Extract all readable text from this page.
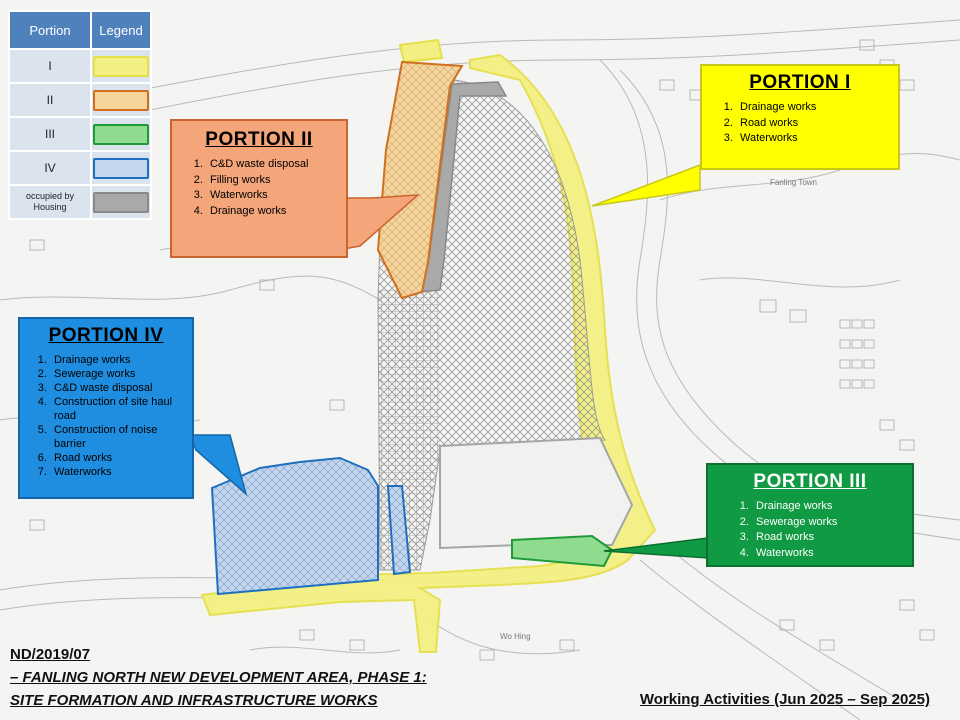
Portion	Legend
I	
II	
III	
IV	
occupied by Housing	
PORTION I
1. Drainage works
2. Road works
3. Waterworks
PORTION II
1. C&D waste disposal
2. Filling works
3. Waterworks
4. Drainage works
PORTION III
1. Drainage works
2. Sewerage works
3. Road works
4. Waterworks
PORTION IV
1. Drainage works
2. Sewerage works
3. C&D waste disposal
4. Construction of site haul road
5. Construction of noise barrier
6. Road works
7. Waterworks
Fanling Town
Wo Hing
ND/2019/07
– FANLING NORTH NEW DEVELOPMENT AREA, PHASE 1:
SITE FORMATION AND INFRASTRUCTURE WORKS	Working Activities (Jun 2025 – Sep 2025)
